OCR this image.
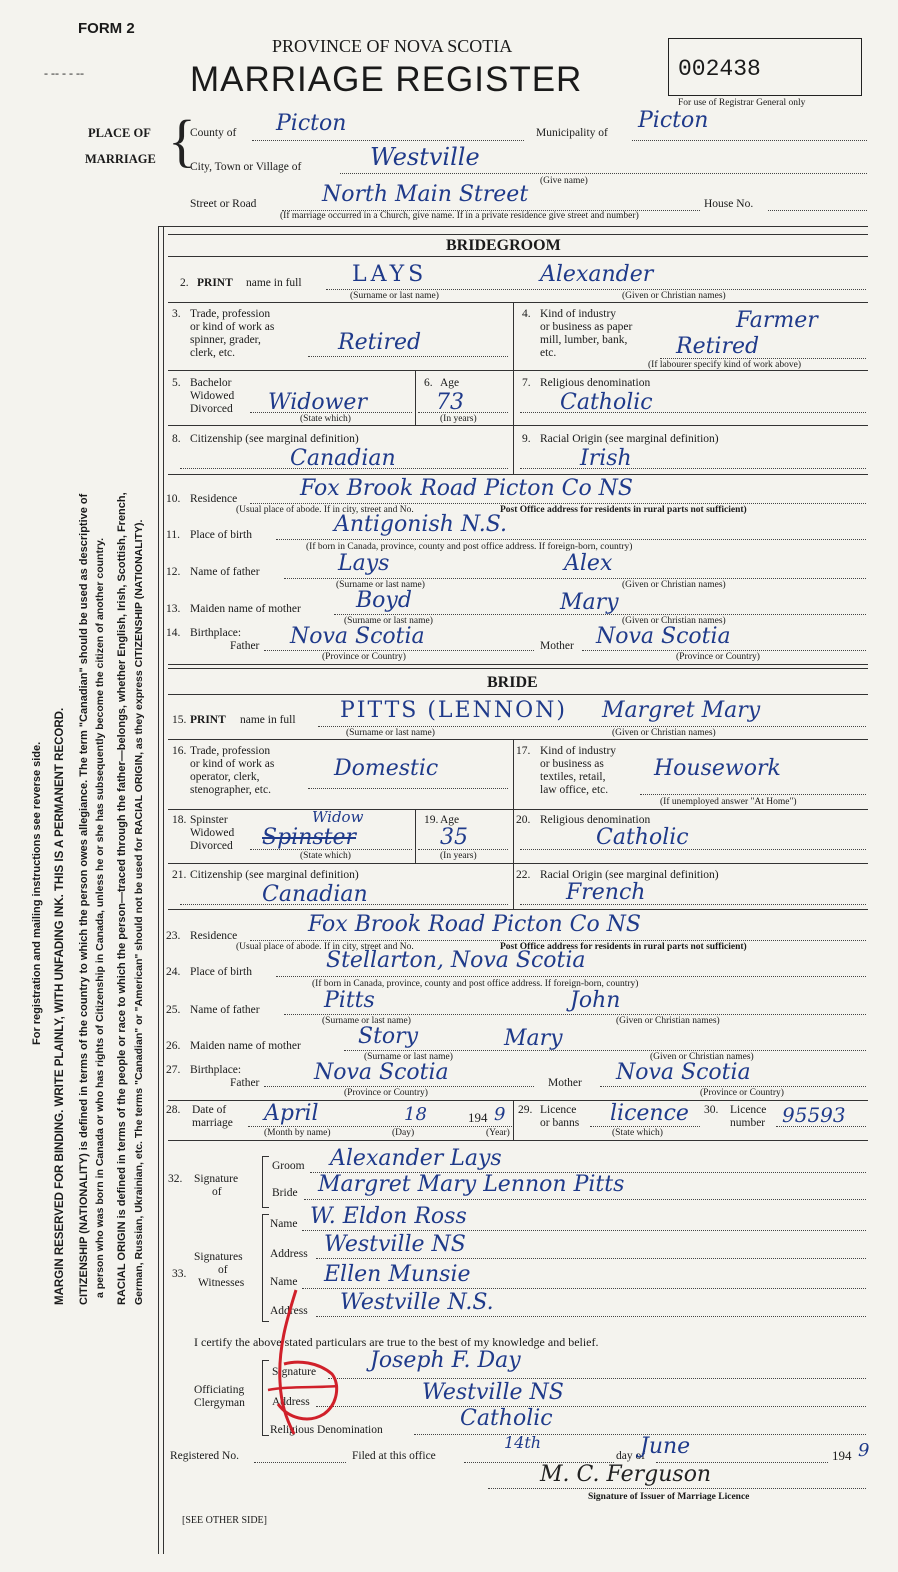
FORM 2
PROVINCE OF NOVA SCOTIA
MARRIAGE REGISTER	002438
For use of Registrar General only
For registration and mailing instructions see reverse side. MARGIN RESERVED FOR BINDING. WRITE PLAINLY, WITH UNFADING INK. THIS IS A PERMANENT RECORD. CITIZENSHIP (NATIONALITY) is defined in terms of the country to which the person owes allegiance. The term "Canadian" should be used as descriptive of a person who was born in Canada or who has rights of Citizenship in Canada, unless he or she has subsequently become the citizen of another country. RACIAL ORIGIN is defined in terms of the people or race to which the person—traced through the father—belongs, whether English, Irish, Scottish, French, German, Russian, Ukrainian, etc. The terms "Canadian" or "American" should not be used for RACIAL ORIGIN, as they express CITIZENSHIP (NATIONALITY).
PLACE OF
MARRIAGE {
County of Picton	Municipality of Picton
City, Town or Village of	Westville
(Give name)
Street or Road	North Main Street	House No.
(If marriage occurred in a Church, give name. If in a private residence give street and number)
BRIDEGROOM
2. PRINT name in full LAYS	Alexander
(Surname or last name)	(Given or Christian names)
3. Trade, profession
or kind of work as
spinner, grader,
clerk, etc.	Retired
4. Kind of industry
or business as paper
mill, lumber, bank,
etc.
Farmer
Retired
(If labourer specify kind of work above)
5. Bachelor
Widowed
Divorced Widower
(State which)
6. Age
73
(In years)
7. Religious denomination
Catholic
8. Citizenship (see marginal definition)
Canadian
9. Racial Origin (see marginal definition)
Irish
10. Residence	Fox Brook Road Picton Co NS
(Usual place of abode. If in city, street and No.	Post Office address for residents in rural parts not sufficient)
11. Place of birth	Antigonish N.S.
(If born in Canada, province, county and post office address. If foreign-born, country)
12. Name of father	Lays	Alex
(Surname or last name)	(Given or Christian names)
13. Maiden name of mother	Boyd	Mary
(Surname or last name)	(Given or Christian names)
14. Birthplace:
Father Nova Scotia
(Province or Country)
Mother Nova Scotia
(Province or Country)
BRIDE
15. PRINT name in full PITTS (LENNON) Margret Mary
(Surname or last name)	(Given or Christian names)
16. Trade, profession
or kind of work as
operator, clerk,
stenographer, etc.
Domestic
17. Kind of industry
or business as
textiles, retail,
law office, etc.
Housework
(If unemployed answer "At Home")
18. Spinster
Widowed
Divorced
Widow
Spinster
(State which)
19. Age
35
(In years)
20. Religious denomination
Catholic
21. Citizenship (see marginal definition)
Canadian
22. Racial Origin (see marginal definition)
French
23. Residence	Fox Brook Road Picton Co NS
(Usual place of abode. If in city, street and No.	Post Office address for residents in rural parts not sufficient)
24. Place of birth	Stellarton, Nova Scotia
(If born in Canada, province, county and post office address. If foreign-born, country)
25. Name of father	Pitts	John
(Surname or last name)	(Given or Christian names)
26. Maiden name of mother	Story	Mary
(Surname or last name)	(Given or Christian names)
27. Birthplace:
Father Nova Scotia
(Province or Country)
Mother Nova Scotia
(Province or Country)
28. Date of
marriage April	18	194 9
(Month by name)	(Day)	(Year)
29. Licence
or banns licence
(State which)
30. Licence
number 95593
32. Signature
of
Groom Alexander Lays
Bride Margret Mary Lennon Pitts
Signatures
of
33.
Witnesses
Name W. Eldon Ross
Address Westville NS
Name Ellen Munsie
Address Westville N.S.
I certify the above stated particulars are true to the best of my knowledge and belief.
Officiating
Clergyman
Signature Joseph F. Day
Address	Westville NS
Religious Denomination	Catholic
Registered No.	Filed at this office
14th
day of
June	194 9
M. C. Ferguson
Signature of Issuer of Marriage Licence
[SEE OTHER SIDE]
‐ ‐‐ ‐ ‐ ‐‐
